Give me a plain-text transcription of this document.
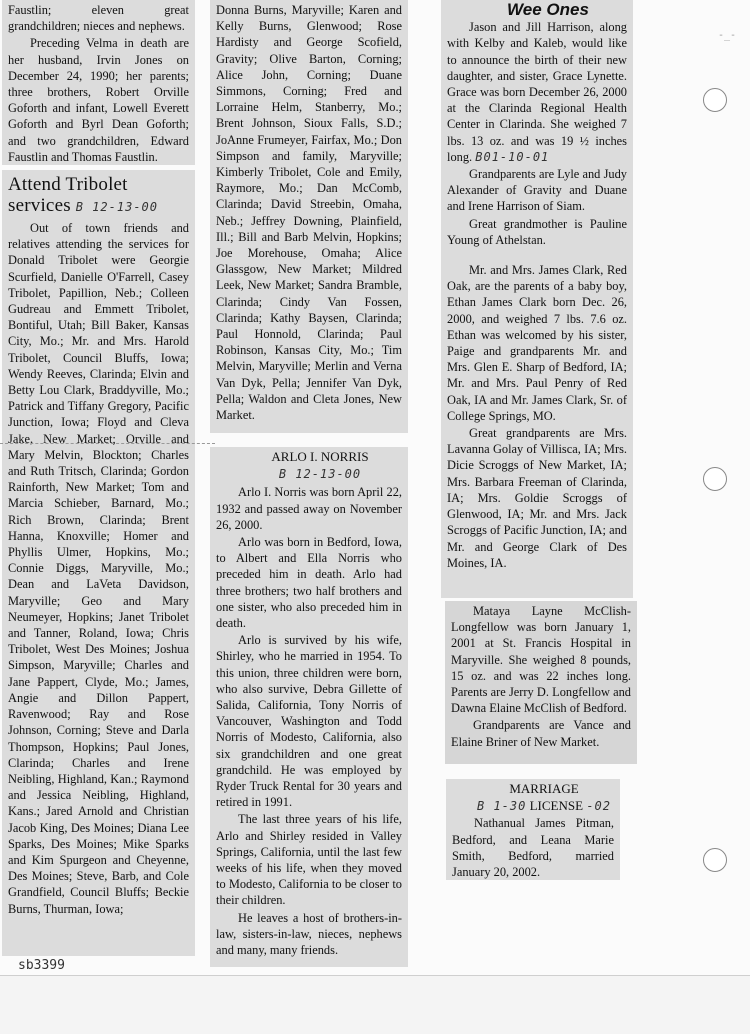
Faustlin; eleven great grandchildren; nieces and nephews.

Preceding Velma in death are her husband, Irvin Jones on December 24, 1990; her parents; three brothers, Robert Orville Goforth and infant, Lowell Everett Goforth and Byrl Dean Goforth; and two grandchildren, Edward Faustlin and Thomas Faustlin.

Attend Tribolet
services B 12-13-00

Out of town friends and relatives attending the services for Donald Tribolet were Georgie Scurfield, Danielle O'Farrell, Casey Tribolet, Papillion, Neb.; Colleen Gudreau and Emmett Tribolet, Bontiful, Utah; Bill Baker, Kansas City, Mo.; Mr. and Mrs. Harold Tribolet, Council Bluffs, Iowa; Wendy Reeves, Clarinda; Elvin and Betty Lou Clark, Braddyville, Mo.; Patrick and Tiffany Gregory, Pacific Junction, Iowa; Floyd and Cleva Jake, New Market; Orville and Mary Melvin, Blockton; Charles and Ruth Tritsch, Clarinda; Gordon Rainforth, New Market; Tom and Marcia Schieber, Barnard, Mo.; Rich Brown, Clarinda; Brent Hanna, Knoxville; Homer and Phyllis Ulmer, Hopkins, Mo.; Connie Diggs, Maryville, Mo.; Dean and LaVeta Davidson, Maryville; Geo and Mary Neumeyer, Hopkins; Janet Tribolet and Tanner, Roland, Iowa; Chris Tribolet, West Des Moines; Joshua Simpson, Maryville; Charles and Jane Pappert, Clyde, Mo.; James, Angie and Dillon Pappert, Ravenwood; Ray and Rose Johnson, Corning; Steve and Darla Thompson, Hopkins; Paul Jones, Clarinda; Charles and Irene Neibling, Highland, Kan.; Raymond and Jessica Neibling, Highland, Kans.; Jared Arnold and Christian Jacob King, Des Moines; Diana Lee Sparks, Des Moines; Mike Sparks and Kim Spurgeon and Cheyenne, Des Moines; Steve, Barb, and Cole Grandfield, Council Bluffs; Beckie Burns, Thurman, Iowa;

Donna Burns, Maryville; Karen and Kelly Burns, Glenwood; Rose Hardisty and George Scofield, Gravity; Olive Barton, Corning; Alice John, Corning; Duane Simmons, Corning; Fred and Lorraine Helm, Stanberry, Mo.; Brent Johnson, Sioux Falls, S.D.; JoAnne Frumeyer, Fairfax, Mo.; Don Simpson and family, Maryville; Kimberly Tribolet, Cole and Emily, Raymore, Mo.; Dan McComb, Clarinda; David Streebin, Omaha, Neb.; Jeffrey Downing, Plainfield, Ill.; Bill and Barb Melvin, Hopkins; Joe Morehouse, Omaha; Alice Glassgow, New Market; Mildred Leek, New Market; Sandra Bramble, Clarinda; Cindy Van Fossen, Clarinda; Kathy Baysen, Clarinda; Paul Honnold, Clarinda; Paul Robinson, Kansas City, Mo.; Tim Melvin, Maryville; Merlin and Verna Van Dyk, Pella; Jennifer Van Dyk, Pella; Waldon and Cleta Jones, New Market.

ARLO I. NORRIS

B 12-13-00

Arlo I. Norris was born April 22, 1932 and passed away on November 26, 2000.

Arlo was born in Bedford, Iowa, to Albert and Ella Norris who preceded him in death. Arlo had three brothers; two half brothers and one sister, who also preceded him in death.

Arlo is survived by his wife, Shirley, who he married in 1954. To this union, three children were born, who also survive, Debra Gillette of Salida, California, Tony Norris of Vancouver, Washington and Todd Norris of Modesto, California, also six grandchildren and one great grandchild. He was employed by Ryder Truck Rental for 30 years and retired in 1991.

The last three years of his life, Arlo and Shirley resided in Valley Springs, California, until the last few weeks of his life, when they moved to Modesto, California to be closer to their children.

He leaves a host of brothers-in-law, sisters-in-law, nieces, nephews and many, many friends.

Wee Ones

Jason and Jill Harrison, along with Kelby and Kaleb, would like to announce the birth of their new daughter, and sister, Grace Lynette. Grace was born December 26, 2000 at the Clarinda Regional Health Center in Clarinda. She weighed 7 lbs. 13 oz. and was 19 ½ inches long. B01-10-01

Grandparents are Lyle and Judy Alexander of Gravity and Duane and Irene Harrison of Siam.

Great grandmother is Pauline Young of Athelstan.

Mr. and Mrs. James Clark, Red Oak, are the parents of a baby boy, Ethan James Clark born Dec. 26, 2000, and weighed 7 lbs. 7.6 oz. Ethan was welcomed by his sister, Paige and grandparents Mr. and Mrs. Glen E. Sharp of Bedford, IA; Mr. and Mrs. Paul Penry of Red Oak, IA and Mr. James Clark, Sr. of College Springs, MO.

Great grandparents are Mrs. Lavanna Golay of Villisca, IA; Mrs. Dicie Scroggs of New Market, IA; Mrs. Barbara Freeman of Clarinda, IA; Mrs. Goldie Scroggs of Glenwood, IA; Mr. and Mrs. Jack Scroggs of Pacific Junction, IA; and Mr. and George Clark of Des Moines, IA.

Mataya Layne McClish-Longfellow was born January 1, 2001 at St. Francis Hospital in Maryville. She weighed 8 pounds, 15 oz. and was 22 inches long. Parents are Jerry D. Longfellow and Dawna Elaine McClish of Bedford.

Grandparents are Vance and Elaine Briner of New Market.

MARRIAGE

B 1-30 LICENSE -02

Nathanual James Pitman, Bedford, and Leana Marie Smith, Bedford, married January 20, 2002.

-_-
sb3399
